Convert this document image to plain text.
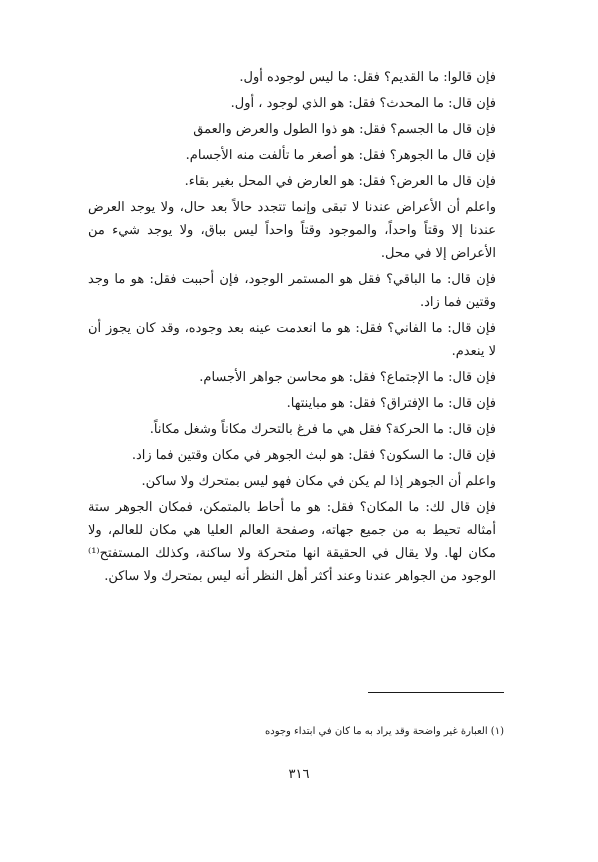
فإن قالوا: ما القديم؟ فقل: ما ليس لوجوده أول.

فإن قال: ما المحدث؟ فقل: هو الذي لوجود ، أول.

فإن قال ما الجسم؟ فقل: هو ذوا الطول والعرض والعمق

فإن قال ما الجوهر؟ فقل: هو أصغر ما تألفت منه الأجسام.

فإن قال ما العرض؟ فقل: هو العارض في المحل بغير بقاء.

واعلم أن الأعراض عندنا لا تبقى وإنما تتجدد حالاً بعد حال، ولا يوجد العرض عندنا إلا وقتاً واحداً، والموجود وقتاً واحداً ليس بباق، ولا يوجد شيء من الأعراض إلا في محل.

فإن قال: ما الباقي؟ فقل هو المستمر الوجود، فإن أحببت فقل: هو ما وجد وقتين فما زاد.

فإن قال: ما الفاني؟ فقل: هو ما انعدمت عينه بعد وجوده، وقد كان يجوز أن لا ينعدم.

فإن قال: ما الإجتماع؟ فقل: هو محاسن جواهر الأجسام.

فإن قال: ما الإفتراق؟ فقل: هو مباينتها.

فإن قال: ما الحركة؟ فقل هي ما فرغ بالتحرك مكاناً وشغل مكاناً.

فإن قال: ما السكون؟ فقل: هو لبث الجوهر في مكان وقتين فما زاد.

واعلم أن الجوهر إذا لم يكن في مكان فهو ليس بمتحرك ولا ساكن.

فإن قال لك: ما المكان؟ فقل: هو ما أحاط بالمتمكن، فمكان الجوهر ستة أمثاله تحيط به من جميع جهاته، وصفحة العالم العليا هي مكان للعالم، ولا مكان لها. ولا يقال في الحقيقة انها متحركة ولا ساكنة، وكذلك المستفتح⁽¹⁾ الوجود من الجواهر عندنا وعند أكثر أهل النظر أنه ليس بمتحرك ولا ساكن.

(١) العبارة غير واضحة وقد يراد به ما كان في ابتداء وجوده
٣١٦
